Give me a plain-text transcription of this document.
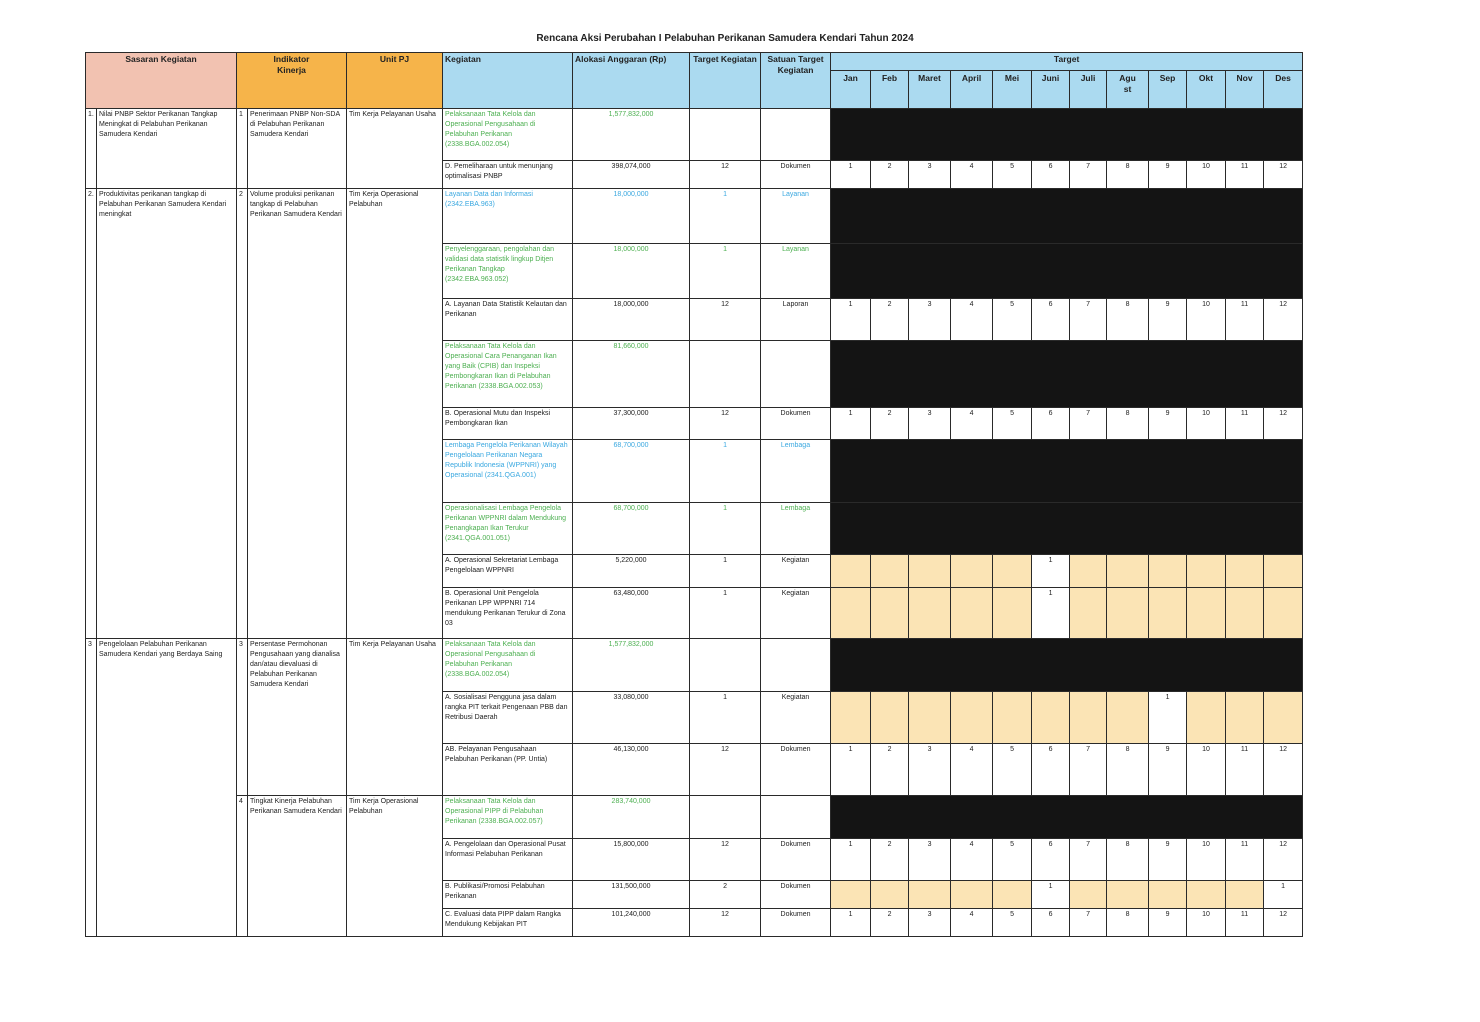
Rencana Aksi Perubahan I Pelabuhan Perikanan Samudera Kendari Tahun 2024
Sasaran Kegiatan		Indikator Kinerja		Unit PJ	Kegiatan	Alokasi Anggaran (Rp)	Target Kegiatan	Satuan Target Kegiatan	Target											
									Jan	Feb	Maret	April	Mei	Juni	Juli	Agust	Sep	Okt	Nov	Des
1.	Nilai PNBP Sektor Perikanan Tangkap Meningkat di Pelabuhan Perikanan Samudera Kendari	1	Penerimaan PNBP Non-SDA di Pelabuhan Perikanan Samudera Kendari	Tim Kerja Pelayanan Usaha	Pelaksanaan Tata Kelola dan Operasional Pengusahaan di Pelabuhan Perikanan (2338.BGA.002.054)	1,577,832,000														
					D. Pemeliharaan untuk menunjang optimalisasi PNBP	398,074,000	12	Dokumen	1	2	3	4	5	6	7	8	9	10	11	12
2.	Produktivitas perikanan tangkap di Pelabuhan Perikanan Samudera Kendari meningkat	2	Volume produksi perikanan tangkap di Pelabuhan Perikanan Samudera Kendari	Tim Kerja Operasional Pelabuhan	Layanan Data dan Informasi (2342.EBA.963)	18,000,000	1	Layanan												
					Penyelenggaraan, pengolahan dan validasi data statistik lingkup Ditjen Perikanan Tangkap (2342.EBA.963.052)	18,000,000	1	Layanan												
					A. Layanan Data Statistik Kelautan dan Perikanan	18,000,000	12	Laporan	1	2	3	4	5	6	7	8	9	10	11	12
					Pelaksanaan Tata Kelola dan Operasional Cara Penanganan Ikan yang Baik (CPIB) dan Inspeksi Pembongkaran Ikan di Pelabuhan Perikanan (2338.BGA.002.053)	81,660,000														
					B. Operasional Mutu dan Inspeksi Pembongkaran Ikan	37,300,000	12	Dokumen	1	2	3	4	5	6	7	8	9	10	11	12
					Lembaga Pengelola Perikanan Wilayah Pengelolaan Perikanan Negara Republik Indonesia (WPPNRI) yang Operasional (2341.QGA.001)	68,700,000	1	Lembaga												
					Operasionalisasi Lembaga Pengelola Perikanan WPPNRI dalam Mendukung Penangkapan Ikan Terukur (2341.QGA.001.051)	68,700,000	1	Lembaga												
					A. Operasional Sekretariat Lembaga Pengelolaan WPPNRI	5,220,000	1	Kegiatan						1						
					B. Operasional Unit Pengelola Perikanan LPP WPPNRI 714 mendukung Perikanan Terukur di Zona 03	63,480,000	1	Kegiatan						1						
3	Pengelolaan Pelabuhan Perikanan Samudera Kendari yang Berdaya Saing	3	Persentase Permohonan Pengusahaan yang dianalisa dan/atau dievaluasi di Pelabuhan Perikanan Samudera Kendari	Tim Kerja Pelayanan Usaha	Pelaksanaan Tata Kelola dan Operasional Pengusahaan di Pelabuhan Perikanan (2338.BGA.002.054)	1,577,832,000														
					A. Sosialisasi Pengguna jasa dalam rangka PIT terkait Pengenaan PBB dan Retribusi Daerah	33,080,000	1	Kegiatan									1			
					AB. Pelayanan Pengusahaan Pelabuhan Perikanan (PP. Untia)	46,130,000	12	Dokumen	1	2	3	4	5	6	7	8	9	10	11	12
		4	Tingkat Kinerja Pelabuhan Perikanan Samudera Kendari	Tim Kerja Operasional Pelabuhan	Pelaksanaan Tata Kelola dan Operasional PIPP di Pelabuhan Perikanan (2338.BGA.002.057)	283,740,000														
					A. Pengelolaan dan Operasional Pusat Informasi Pelabuhan Perikanan	15,800,000	12	Dokumen	1	2	3	4	5	6	7	8	9	10	11	12
					B. Publikasi/Promosi Pelabuhan Perikanan	131,500,000	2	Dokumen						1						1
					C. Evaluasi data PIPP dalam Rangka Mendukung Kebijakan PIT	101,240,000	12	Dokumen	1	2	3	4	5	6	7	8	9	10	11	12
